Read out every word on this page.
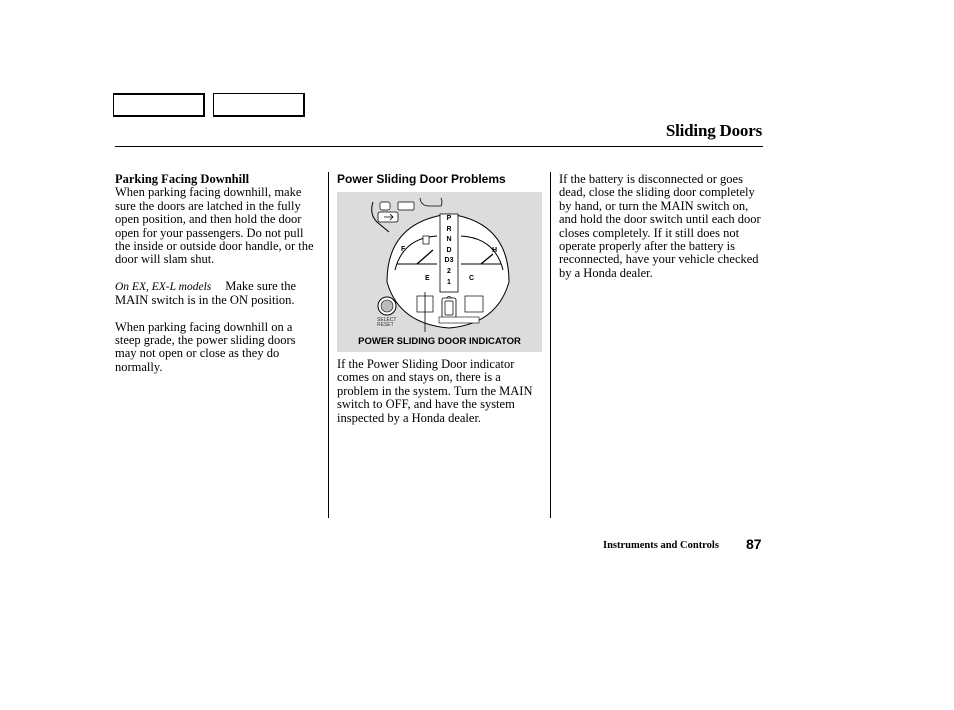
Sliding Doors

Parking Facing Downhill

When parking facing downhill, make sure the doors are latched in the fully open position, and then hold the door open for your passengers. Do not pull the inside or outside door handle, or the door will slam shut.

On EX, EX-L models Make sure the MAIN switch is in the ON position.

When parking facing downhill on a steep grade, the power sliding doors may not open or close as they do normally.

Power Sliding Door Problems

P
R
N
D
D3
2
1
F
E
H
C
SELECT RESET
POWER SLIDING DOOR INDICATOR

If the Power Sliding Door indicator comes on and stays on, there is a problem in the system. Turn the MAIN switch to OFF, and have the system inspected by a Honda dealer.

If the battery is disconnected or goes dead, close the sliding door completely by hand, or turn the MAIN switch on, and hold the door switch until each door closes completely. If it still does not operate properly after the battery is reconnected, have your vehicle checked by a Honda dealer.

Instruments and Controls 87
